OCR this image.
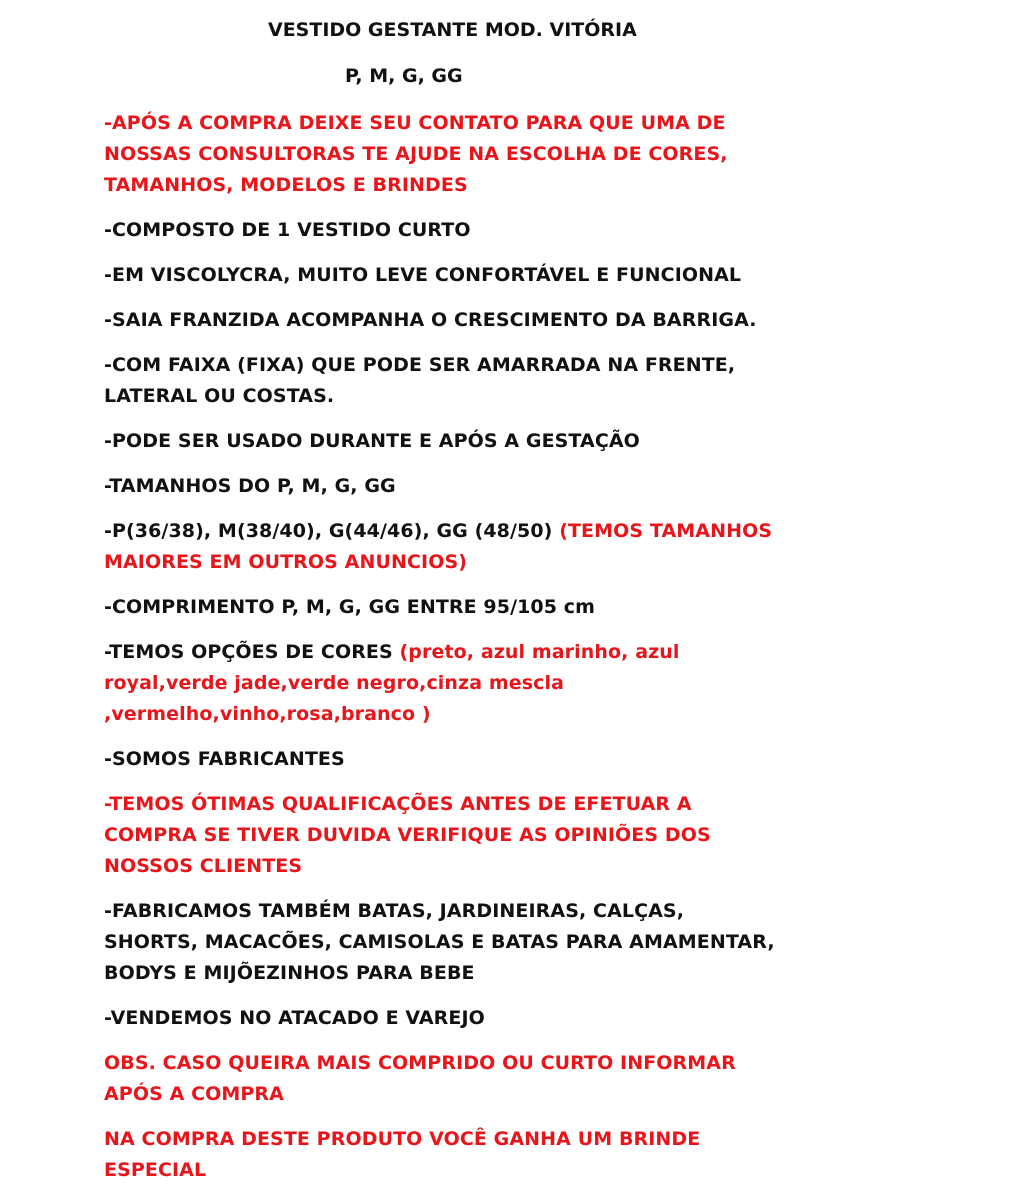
VESTIDO GESTANTE MOD. VITÓRIA
P, M, G, GG

-APÓS A COMPRA DEIXE SEU CONTATO PARA QUE UMA DE
NOSSAS CONSULTORAS TE AJUDE NA ESCOLHA DE CORES,
TAMANHOS, MODELOS E BRINDES

-COMPOSTO DE 1 VESTIDO CURTO

-EM VISCOLYCRA, MUITO LEVE CONFORTÁVEL E FUNCIONAL

-SAIA FRANZIDA ACOMPANHA O CRESCIMENTO DA BARRIGA.

-COM FAIXA (FIXA) QUE PODE SER AMARRADA NA FRENTE,
LATERAL OU COSTAS.

-PODE SER USADO DURANTE E APÓS A GESTAÇÃO

-TAMANHOS DO P, M, G, GG

-P(36/38), M(38/40), G(44/46), GG (48/50) (TEMOS TAMANHOS
MAIORES EM OUTROS ANUNCIOS)

-COMPRIMENTO P, M, G, GG ENTRE 95/105 cm

-TEMOS OPÇÕES DE CORES (preto, azul marinho, azul
royal,verde jade,verde negro,cinza mescla
,vermelho,vinho,rosa,branco )

-SOMOS FABRICANTES

-TEMOS ÓTIMAS QUALIFICAÇÕES ANTES DE EFETUAR A
COMPRA SE TIVER DUVIDA VERIFIQUE AS OPINIÕES DOS
NOSSOS CLIENTES

-FABRICAMOS TAMBÉM BATAS, JARDINEIRAS, CALÇAS,
SHORTS, MACACÕES, CAMISOLAS E BATAS PARA AMAMENTAR,
BODYS E MIJÕEZINHOS PARA BEBE

-VENDEMOS NO ATACADO E VAREJO

OBS. CASO QUEIRA MAIS COMPRIDO OU CURTO INFORMAR
APÓS A COMPRA

NA COMPRA DESTE PRODUTO VOCÊ GANHA UM BRINDE
ESPECIAL
